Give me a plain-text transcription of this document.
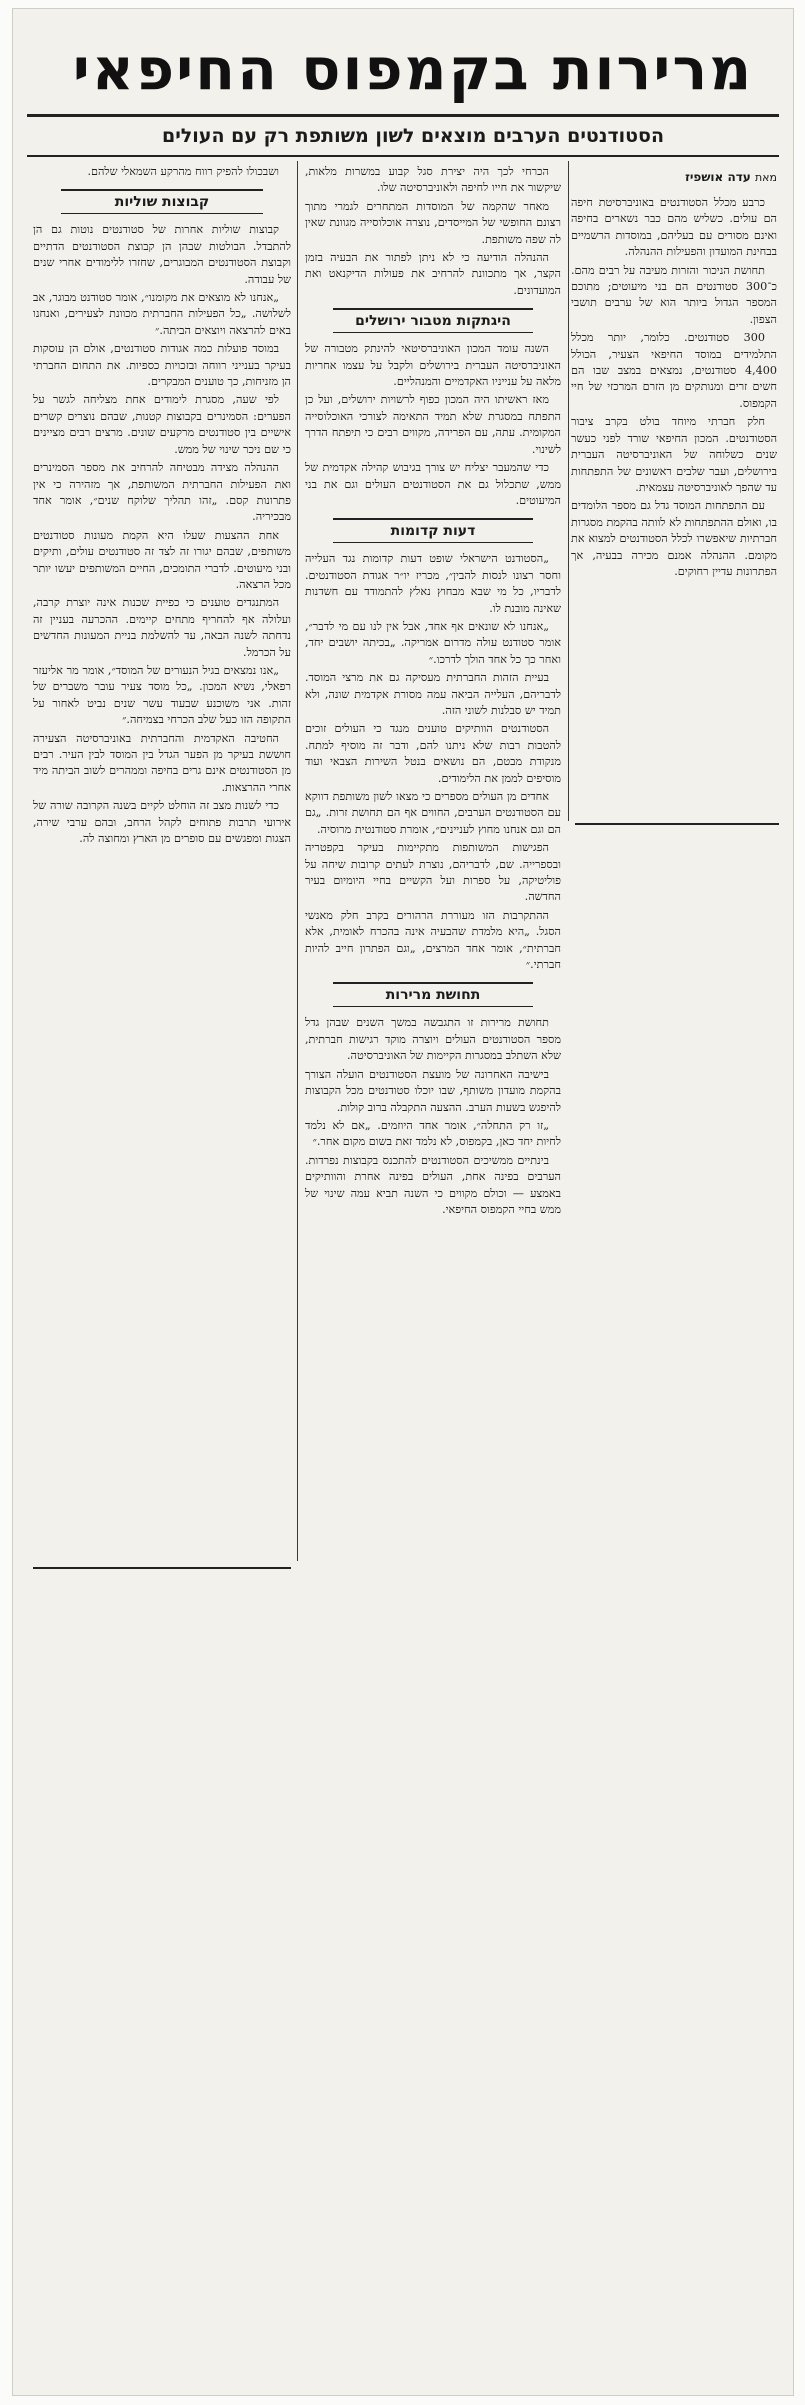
מרירות בקמפוס החיפאי
הסטודנטים הערבים מוצאים לשון משותפת רק עם העולים
מאת עדה אושפיז

כרבע מכלל הסטודנטים באוניברסיטת חיפה הם עולים. כשליש מהם כבר נשארים בחיפה ואינם מסורים עם בעליהם, במוסדות הרשמיים בבחינת המועדון והפעילות ההנהלה.

תחושת הניכור והזרות מעיבה על רבים מהם. כ־300 סטודנטים הם בני מיעוטים; מתוכם המספר הגדול ביותר הוא של ערבים תושבי הצפון.

300 סטודנטים. כלומר, יותר מכלל התלמידים במוסד החיפאי הצעיר, הכולל 4,400 סטודנטים, נמצאים במצב שבו הם חשים זרים ומנותקים מן הזרם המרכזי של חיי הקמפוס.

חלק חברתי מיוחד בולט בקרב ציבור הסטודנטים. המכון החיפאי שורד לפני כעשר שנים כשלוחה של האוניברסיטה העברית בירושלים, ועבר שלבים ראשונים של התפתחות עד שהפך לאוניברסיטה עצמאית.

עם התפתחות המוסד גדל גם מספר הלומדים בו, ואולם ההתפתחות לא לוותה בהקמת מסגרות חברתיות שיאפשרו לכלל הסטודנטים למצוא את מקומם. ההנהלה אמנם מכירה בבעיה, אך הפתרונות עדיין רחוקים.

הכרחי לכך היה יצירת סגל קבוע במשרות מלאות, שיקשור את חייו לחיפה ולאוניברסיטה שלו.

מאחר שהקמה של המוסדות המתחרים לגמרי מתוך רצונם החופשי של המייסדים, נוצרה אוכלוסייה מגוונת שאין לה שפה משותפת.

ההנהלה הודיעה כי לא ניתן לפתור את הבעיה בזמן הקצר, אך מתכוונת להרחיב את פעולות הדיקנאט ואת המועדונים.

היגתקות מטבור ירושלים

השנה עומד המכון האוניברסיטאי להינתק מטבורה של האוניברסיטה העברית בירושלים ולקבל על עצמו אחריות מלאה על ענייניו האקדמיים והמנהליים.

מאז ראשיתו היה המכון כפוף לרשויות ירושלים, ועל כן התפתח במסגרת שלא תמיד התאימה לצורכי האוכלוסייה המקומית. עתה, עם הפרידה, מקווים רבים כי תיפתח הדרך לשינוי.

כדי שהמעבר יצליח יש צורך בגיבוש קהילה אקדמית של ממש, שתכלול גם את הסטודנטים העולים וגם את בני המיעוטים.

דעות קדומות

„הסטודנט הישראלי שופט דעות קדומות נגד העלייה וחסר רצונו לנסות להבין״, מכריז יו״ר אגודת הסטודנטים. לדבריו, כל מי שבא מבחוץ נאלץ להתמודד עם חשדנות שאינה מובנת לו.

„אנחנו לא שונאים אף אחד, אבל אין לנו עם מי לדבר״, אומר סטודנט עולה מדרום אמריקה. „בכיתה יושבים יחד, ואחר כך כל אחד הולך לדרכו.״

בעיית הזהות החברתית מעסיקה גם את מרצי המוסד. לדבריהם, העלייה הביאה עמה מסורת אקדמית שונה, ולא תמיד יש סבלנות לשוני הזה.

הסטודנטים הוותיקים טוענים מנגד כי העולים זוכים להטבות רבות שלא ניתנו להם, ודבר זה מוסיף למתח. מנקודת מבטם, הם נושאים בנטל השירות הצבאי ועוד מוסיפים לממן את הלימודים.

אחדים מן העולים מספרים כי מצאו לשון משותפת דווקא עם הסטודנטים הערבים, החווים אף הם תחושת זרות. „גם הם וגם אנחנו מחוץ לעניינים״, אומרת סטודנטית מרוסיה.

הפגישות המשותפות מתקיימות בעיקר בקפטריה ובספרייה. שם, לדבריהם, נוצרת לעתים קרובות שיחה על פוליטיקה, על ספרות ועל הקשיים בחיי היומיום בעיר החדשה.

ההתקרבות הזו מעוררת הרהורים בקרב חלק מאנשי הסגל. „היא מלמדת שהבעיה אינה בהכרח לאומית, אלא חברתית״, אומר אחד המרצים, „וגם הפתרון חייב להיות חברתי.״

תחושת מרירות

תחושת מרירות זו התגבשה במשך השנים שבהן גדל מספר הסטודנטים העולים ויוצרה מוקד רגישות חברתית, שלא השתלב במסגרות הקיימות של האוניברסיטה.

בישיבה האחרונה של מועצת הסטודנטים הועלה הצורך בהקמת מועדון משותף, שבו יוכלו סטודנטים מכל הקבוצות להיפגש בשעות הערב. ההצעה התקבלה ברוב קולות.

„זו רק התחלה״, אומר אחד היוזמים. „אם לא נלמד לחיות יחד כאן, בקמפוס, לא נלמד זאת בשום מקום אחר.״

בינתיים ממשיכים הסטודנטים להתכנס בקבוצות נפרדות. הערבים בפינה אחת, העולים בפינה אחרת והוותיקים באמצע — וכולם מקווים כי השנה תביא עמה שינוי של ממש בחיי הקמפוס החיפאי.

ושבכולו להפיק רווח מהרקע השמאלי שלהם.

קבוצות שוליות

קבוצות שוליות אחרות של סטודנטים נוטות גם הן להתבדל. הבולטות שבהן הן קבוצת הסטודנטים הדתיים וקבוצת הסטודנטים המבוגרים, שחזרו ללימודים אחרי שנים של עבודה.

„אנחנו לא מוצאים את מקומנו״, אומר סטודנט מבוגר, אב לשלושה. „כל הפעילות החברתית מכוונת לצעירים, ואנחנו באים להרצאה ויוצאים הביתה.״

במוסד פועלות כמה אגודות סטודנטים, אולם הן עוסקות בעיקר בענייני רווחה ובזכויות כספיות. את התחום החברתי הן מזניחות, כך טוענים המבקרים.

לפי שעה, מסגרת לימודים אחת מצליחה לגשר על הפערים: הסמינרים בקבוצות קטנות, שבהם נוצרים קשרים אישיים בין סטודנטים מרקעים שונים. מרצים רבים מציינים כי שם ניכר שינוי של ממש.

ההנהלה מצידה מבטיחה להרחיב את מספר הסמינרים ואת הפעילות החברתית המשותפת, אך מזהירה כי אין פתרונות קסם. „זהו תהליך שלוקח שנים״, אומר אחד מבכיריה.

אחת ההצעות שעלו היא הקמת מעונות סטודנטים משותפים, שבהם יגורו זה לצד זה סטודנטים עולים, ותיקים ובני מיעוטים. לדברי התומכים, החיים המשותפים יעשו יותר מכל הרצאה.

המתנגדים טוענים כי כפיית שכנות אינה יוצרת קרבה, ועלולה אף להחריף מתחים קיימים. ההכרעה בעניין זה נדחתה לשנה הבאה, עד להשלמת בניית המעונות החדשים על הכרמל.

„אנו נמצאים בגיל הנעורים של המוסד״, אומר מר אליעזר רפאלי, נשיא המכון. „כל מוסד צעיר עובר משברים של זהות. אני משוכנע שבעוד עשר שנים נביט לאחור על התקופה הזו כעל שלב הכרחי בצמיחה.״

החטיבה האקדמית והחברתית באוניברסיטה הצעירה חוששת בעיקר מן הפער הגדל בין המוסד לבין העיר. רבים מן הסטודנטים אינם גרים בחיפה וממהרים לשוב הביתה מיד אחרי ההרצאות.

כדי לשנות מצב זה הוחלט לקיים בשנה הקרובה שורה של אירועי תרבות פתוחים לקהל הרחב, ובהם ערבי שירה, הצגות ומפגשים עם סופרים מן הארץ ומחוצה לה.
